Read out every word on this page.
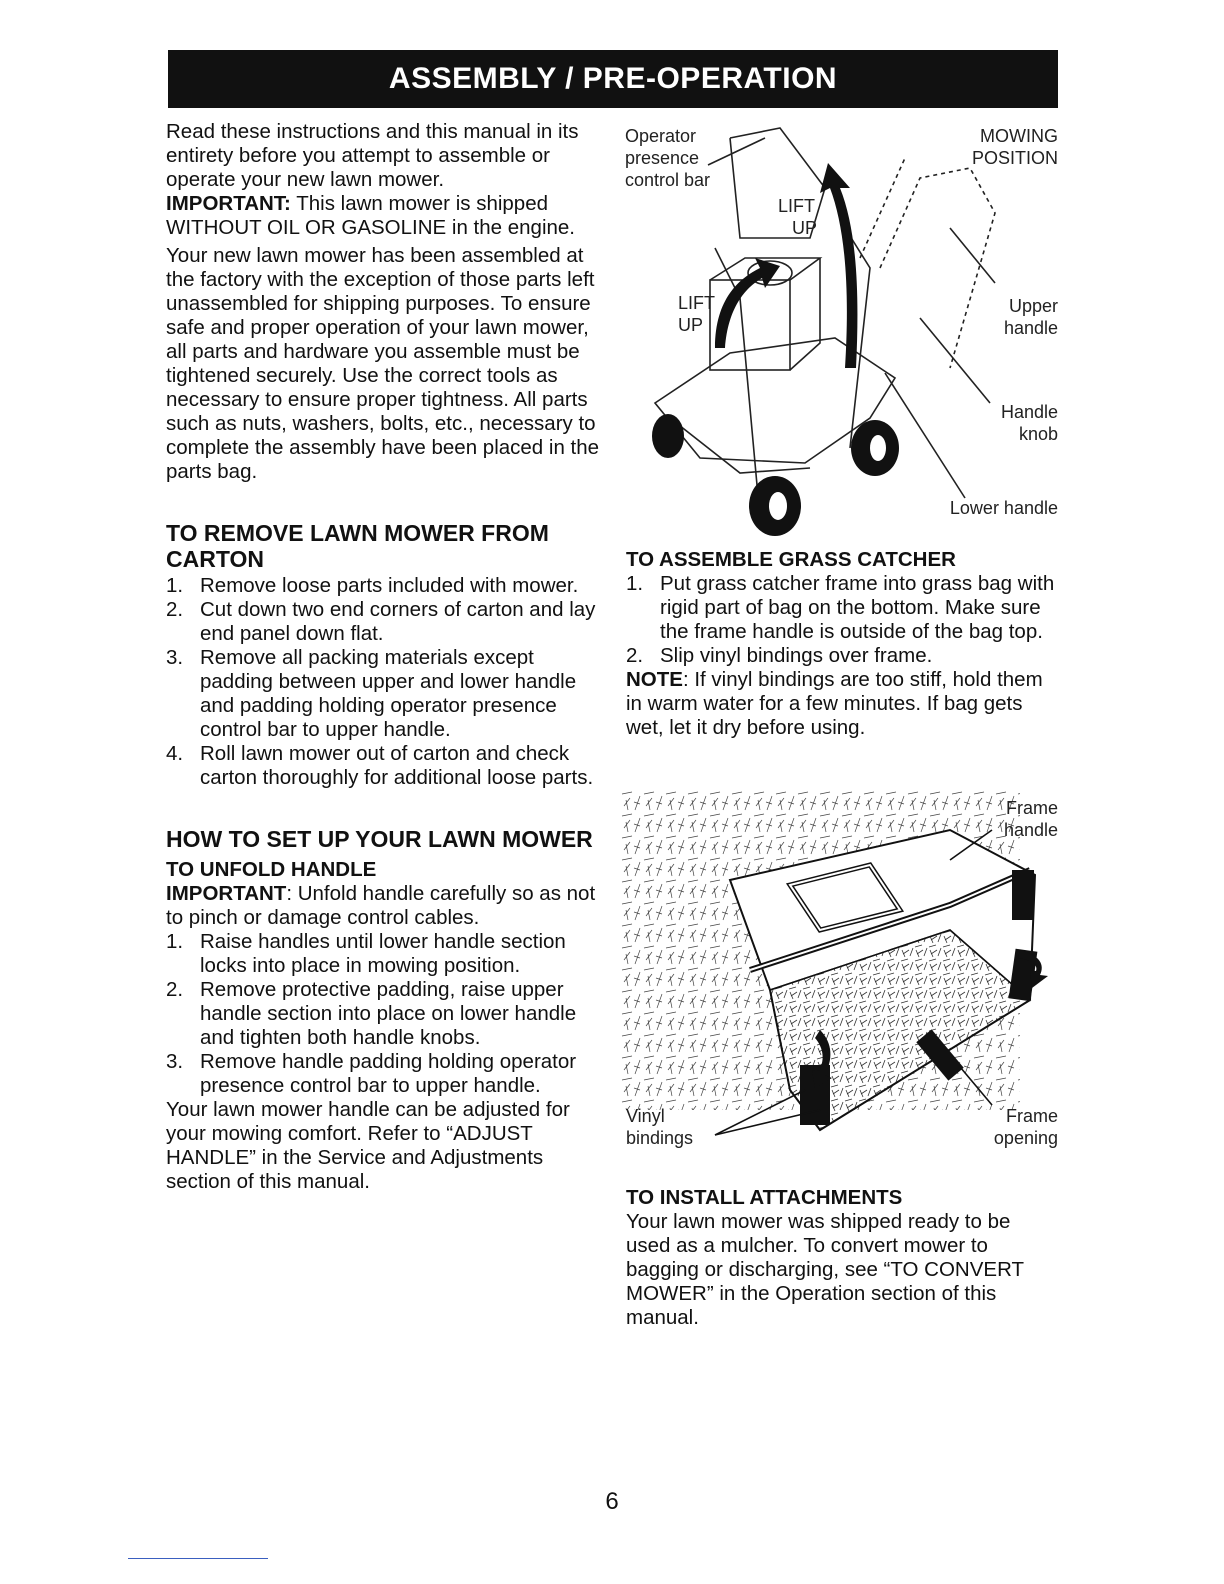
ASSEMBLY / PRE-OPERATION

Read these instructions and this manual in its entirety before you attempt to assemble or operate your new lawn mower.

IMPORTANT: This lawn mower is shipped WITHOUT OIL OR GASOLINE in the engine.

Your new lawn mower has been assembled at the factory with the exception of those parts left unassembled for shipping purposes. To ensure safe and proper operation of your lawn mower, all parts and hardware you assemble must be tightened securely. Use the correct tools as necessary to ensure proper tightness. All parts such as nuts, washers, bolts, etc., necessary to complete the assembly have been placed in the parts bag.

TO REMOVE LAWN MOWER FROM CARTON

1. Remove loose parts included with mower.
2. Cut down two end corners of carton and lay end panel down flat.
3. Remove all packing materials except padding between upper and lower handle and padding holding operator presence control bar to upper handle.
4. Roll lawn mower out of carton and check carton thoroughly for additional loose parts.

HOW TO SET UP YOUR LAWN MOWER

TO UNFOLD HANDLE

IMPORTANT: Unfold handle carefully so as not to pinch or damage control cables.

1. Raise handles until lower handle section locks into place in mowing position.
2. Remove protective padding, raise upper handle section into place on lower handle and tighten both handle knobs.
3. Remove handle padding holding operator presence control bar to upper handle.

Your lawn mower handle can be adjusted for your mowing comfort. Refer to “ADJUST HANDLE” in the Service and Adjustments section of this manual.

Operator
presence
control bar
MOWING
POSITION
LIFT
UP
LIFT
UP
Upper
handle
Handle
knob
Lower handle

TO ASSEMBLE GRASS CATCHER

1. Put grass catcher frame into grass bag with rigid part of bag on the bottom. Make sure the frame handle is outside of the bag top.
2. Slip vinyl bindings over frame.

NOTE: If vinyl bindings are too stiff, hold them in warm water for a few minutes. If bag gets wet, let it dry before using.

Frame
handle
Vinyl
bindings
Frame
opening

TO INSTALL ATTACHMENTS

Your lawn mower was shipped ready to be used as a mulcher. To convert mower to bagging or discharging, see “TO CONVERT MOWER” in the Operation section of this manual.

6
